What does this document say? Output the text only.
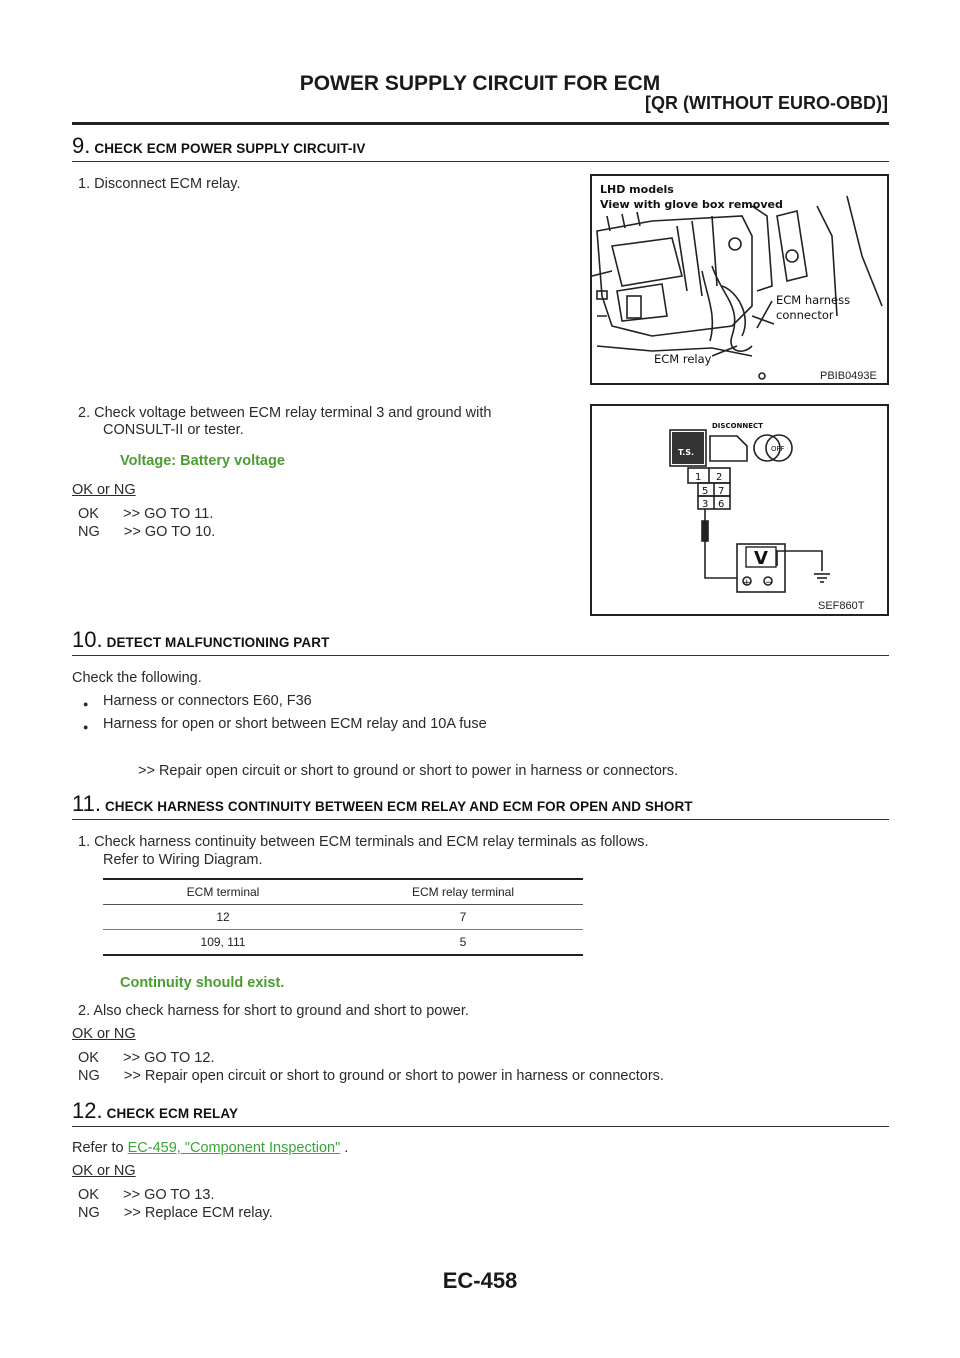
POWER SUPPLY CIRCUIT FOR ECM
[QR (WITHOUT EURO-OBD)]
9. CHECK ECM POWER SUPPLY CIRCUIT-IV
1. Disconnect ECM relay.	LHD models
View with glove box removed
ECM harness
connector
ECM relay
PBIB0493E
2. Check voltage between ECM relay terminal 3 and ground with
CONSULT-II or tester.
Voltage: Battery voltage
OK or NG
OK      >> GO TO 11.
NG      >> GO TO 10.
DISCONNECT
T.S.	OFF
1 2
5 7
3 6
V
+ −
SEF860T
10. DETECT MALFUNCTIONING PART
Check the following.
● Harness or connectors E60, F36
● Harness for open or short between ECM relay and 10A fuse
>> Repair open circuit or short to ground or short to power in harness or connectors.
11. CHECK HARNESS CONTINUITY BETWEEN ECM RELAY AND ECM FOR OPEN AND SHORT
1. Check harness continuity between ECM terminals and ECM relay terminals as follows.
Refer to Wiring Diagram.
ECM terminal	ECM relay terminal
12	7
109, 111	5
Continuity should exist.
2. Also check harness for short to ground and short to power.
OK or NG
OK      >> GO TO 12.
NG      >> Repair open circuit or short to ground or short to power in harness or connectors.
12. CHECK ECM RELAY
Refer to EC-459, "Component Inspection" .
OK or NG
OK      >> GO TO 13.
NG      >> Replace ECM relay.
EC-458
